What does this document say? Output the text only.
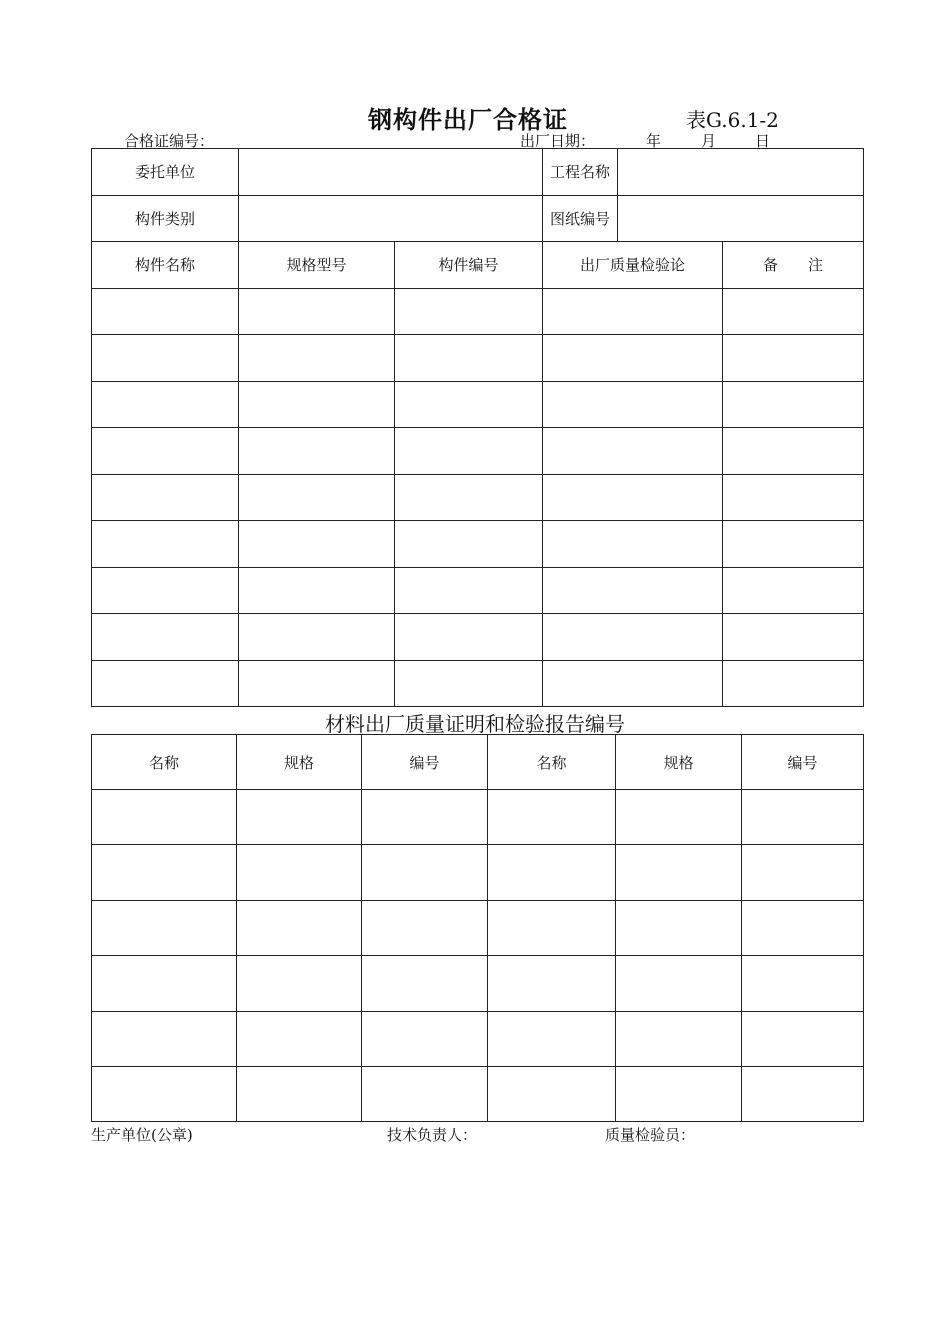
钢构件出厂合格证	表G.6.1-2
合格证编号：	出厂日期：	年	月	日
委托单位			工程名称		
构件类别			图纸编号		
构件名称	规格型号	构件编号	出厂质量检验论		备　　注

材料出厂质量证明和检验报告编号
名称	规格	编号	名称	规格	编号

生产单位(公章)	技术负责人：	质量检验员：
